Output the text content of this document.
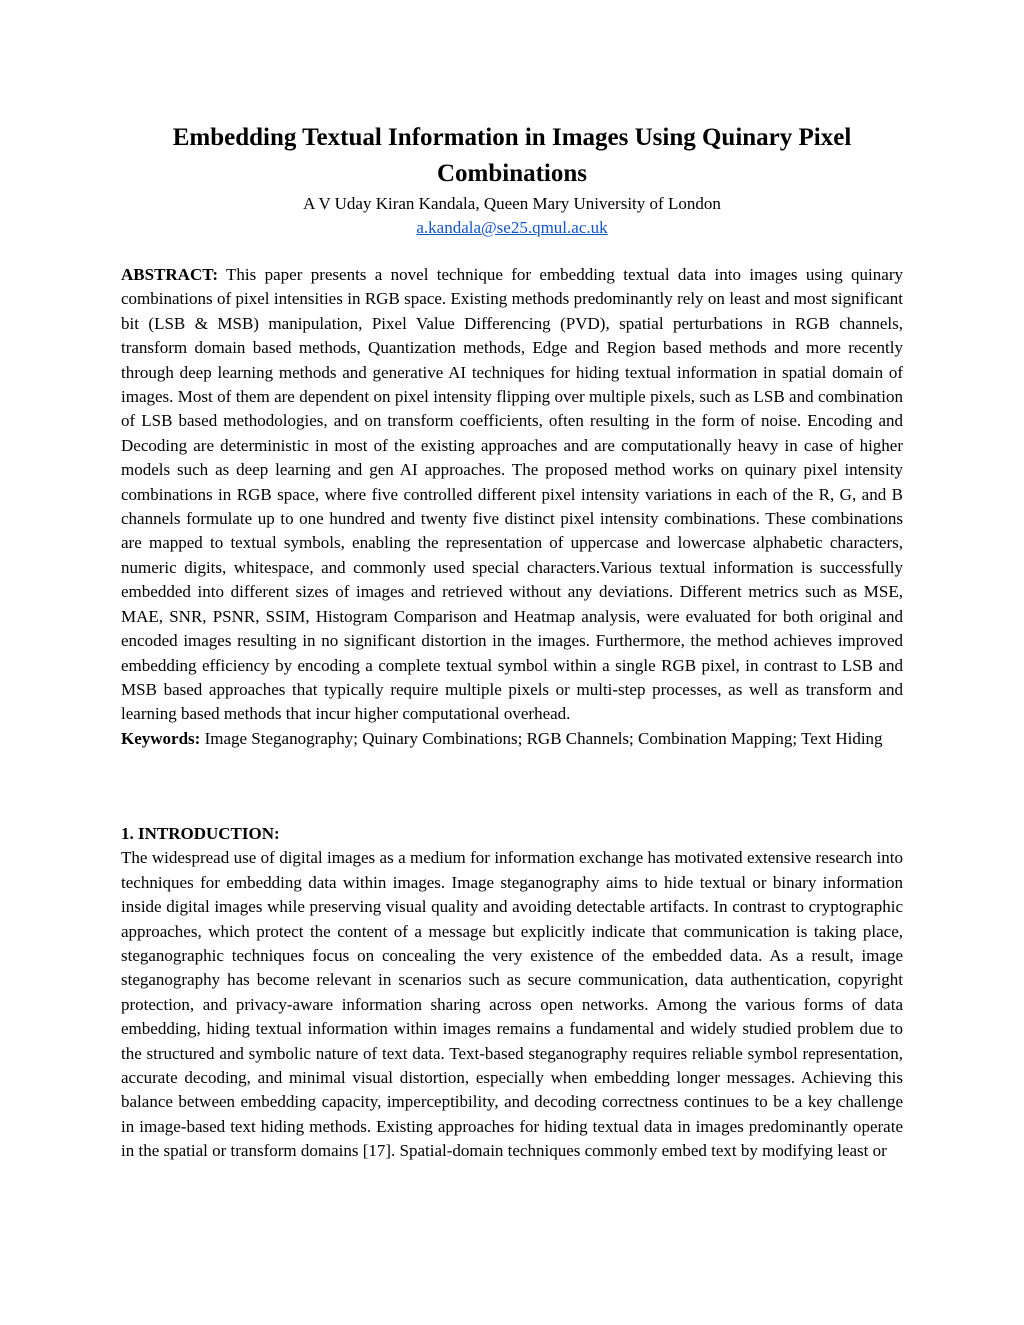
Embedding Textual Information in Images Using Quinary Pixel Combinations

A V Uday Kiran Kandala, Queen Mary University of London

a.kandala@se25.qmul.ac.uk

ABSTRACT: This paper presents a novel technique for embedding textual data into images using quinary combinations of pixel intensities in RGB space. Existing methods predominantly rely on least and most significant bit (LSB & MSB) manipulation, Pixel Value Differencing (PVD), spatial perturbations in RGB channels, transform domain based methods, Quantization methods, Edge and Region based methods and more recently through deep learning methods and generative AI techniques for hiding textual information in spatial domain of images. Most of them are dependent on pixel intensity flipping over multiple pixels, such as LSB and combination of LSB based methodologies, and on transform coefficients, often resulting in the form of noise. Encoding and Decoding are deterministic in most of the existing approaches and are computationally heavy in case of higher models such as deep learning and gen AI approaches. The proposed method works on quinary pixel intensity combinations in RGB space, where five controlled different pixel intensity variations in each of the R, G, and B channels formulate up to one hundred and twenty five distinct pixel intensity combinations. These combinations are mapped to textual symbols, enabling the representation of uppercase and lowercase alphabetic characters, numeric digits, whitespace, and commonly used special characters.Various textual information is successfully embedded into different sizes of images and retrieved without any deviations. Different metrics such as MSE, MAE, SNR, PSNR, SSIM, Histogram Comparison and Heatmap analysis, were evaluated for both original and encoded images resulting in no significant distortion in the images. Furthermore, the method achieves improved embedding efficiency by encoding a complete textual symbol within a single RGB pixel, in contrast to LSB and MSB based approaches that typically require multiple pixels or multi-step processes, as well as transform and learning based methods that incur higher computational overhead.

Keywords: Image Steganography; Quinary Combinations; RGB Channels; Combination Mapping; Text Hiding

1. INTRODUCTION:

The widespread use of digital images as a medium for information exchange has motivated extensive research into techniques for embedding data within images. Image steganography aims to hide textual or binary information inside digital images while preserving visual quality and avoiding detectable artifacts. In contrast to cryptographic approaches, which protect the content of a message but explicitly indicate that communication is taking place, steganographic techniques focus on concealing the very existence of the embedded data. As a result, image steganography has become relevant in scenarios such as secure communication, data authentication, copyright protection, and privacy-aware information sharing across open networks. Among the various forms of data embedding, hiding textual information within images remains a fundamental and widely studied problem due to the structured and symbolic nature of text data. Text-based steganography requires reliable symbol representation, accurate decoding, and minimal visual distortion, especially when embedding longer messages. Achieving this balance between embedding capacity, imperceptibility, and decoding correctness continues to be a key challenge in image-based text hiding methods. Existing approaches for hiding textual data in images predominantly operate in the spatial or transform domains [17]. Spatial-domain techniques commonly embed text by modifying least or
